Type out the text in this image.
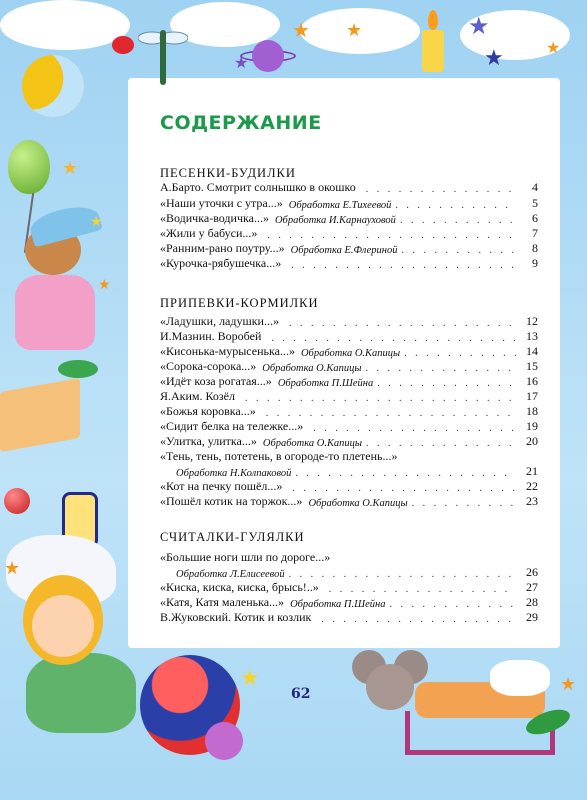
★ ★
★
★
★	★
★
★
★
★
★	★
СОДЕРЖАНИЕ
ПЕСЕНКИ-БУДИЛКИ
А.Барто. Смотрит солнышко в окошко . . .	4
«Наши уточки с утра...» Обработка Е.Тихеевой . . .	5
«Водичка-водичка...» Обработка И.Карнауховой . . .	6
«Жили у бабуси...» . . .	7
«Ранним-рано поутру...» Обработка Е.Флериной . . .	8
«Курочка-рябушечка...» . . .	9
ПРИПЕВКИ-КОРМИЛКИ
«Ладушки, ладушки...» . . .	12
И.Мазнин. Воробей . . .	13
«Кисонька-мурысенька...» Обработка О.Капицы . . .	14
«Сорока-сорока...» Обработка О.Капицы . . .	15
«Идёт коза рогатая...» Обработка П.Шейна . . .	16
Я.Аким. Козёл . . .	17
«Божья коровка...» . . .	18
«Сидит белка на тележке...» . . .	19
«Улитка, улитка...» Обработка О.Капицы . . .	20
«Тень, тень, потетень, в огороде-то плетень...»
Обработка Н.Колпаковой . . .	21
«Кот на печку пошёл...» . . .	22
«Пошёл котик на торжок...» Обработка О.Капицы . . .	23
СЧИТАЛКИ-ГУЛЯЛКИ
«Большие ноги шли по дороге...»
Обработка Л.Елисеевой . . .	26
«Киска, киска, киска, брысь!..» . . .	27
«Катя, Катя маленька...» Обработка П.Шейна . . .	28
В.Жуковский. Котик и козлик . . .	29
62
